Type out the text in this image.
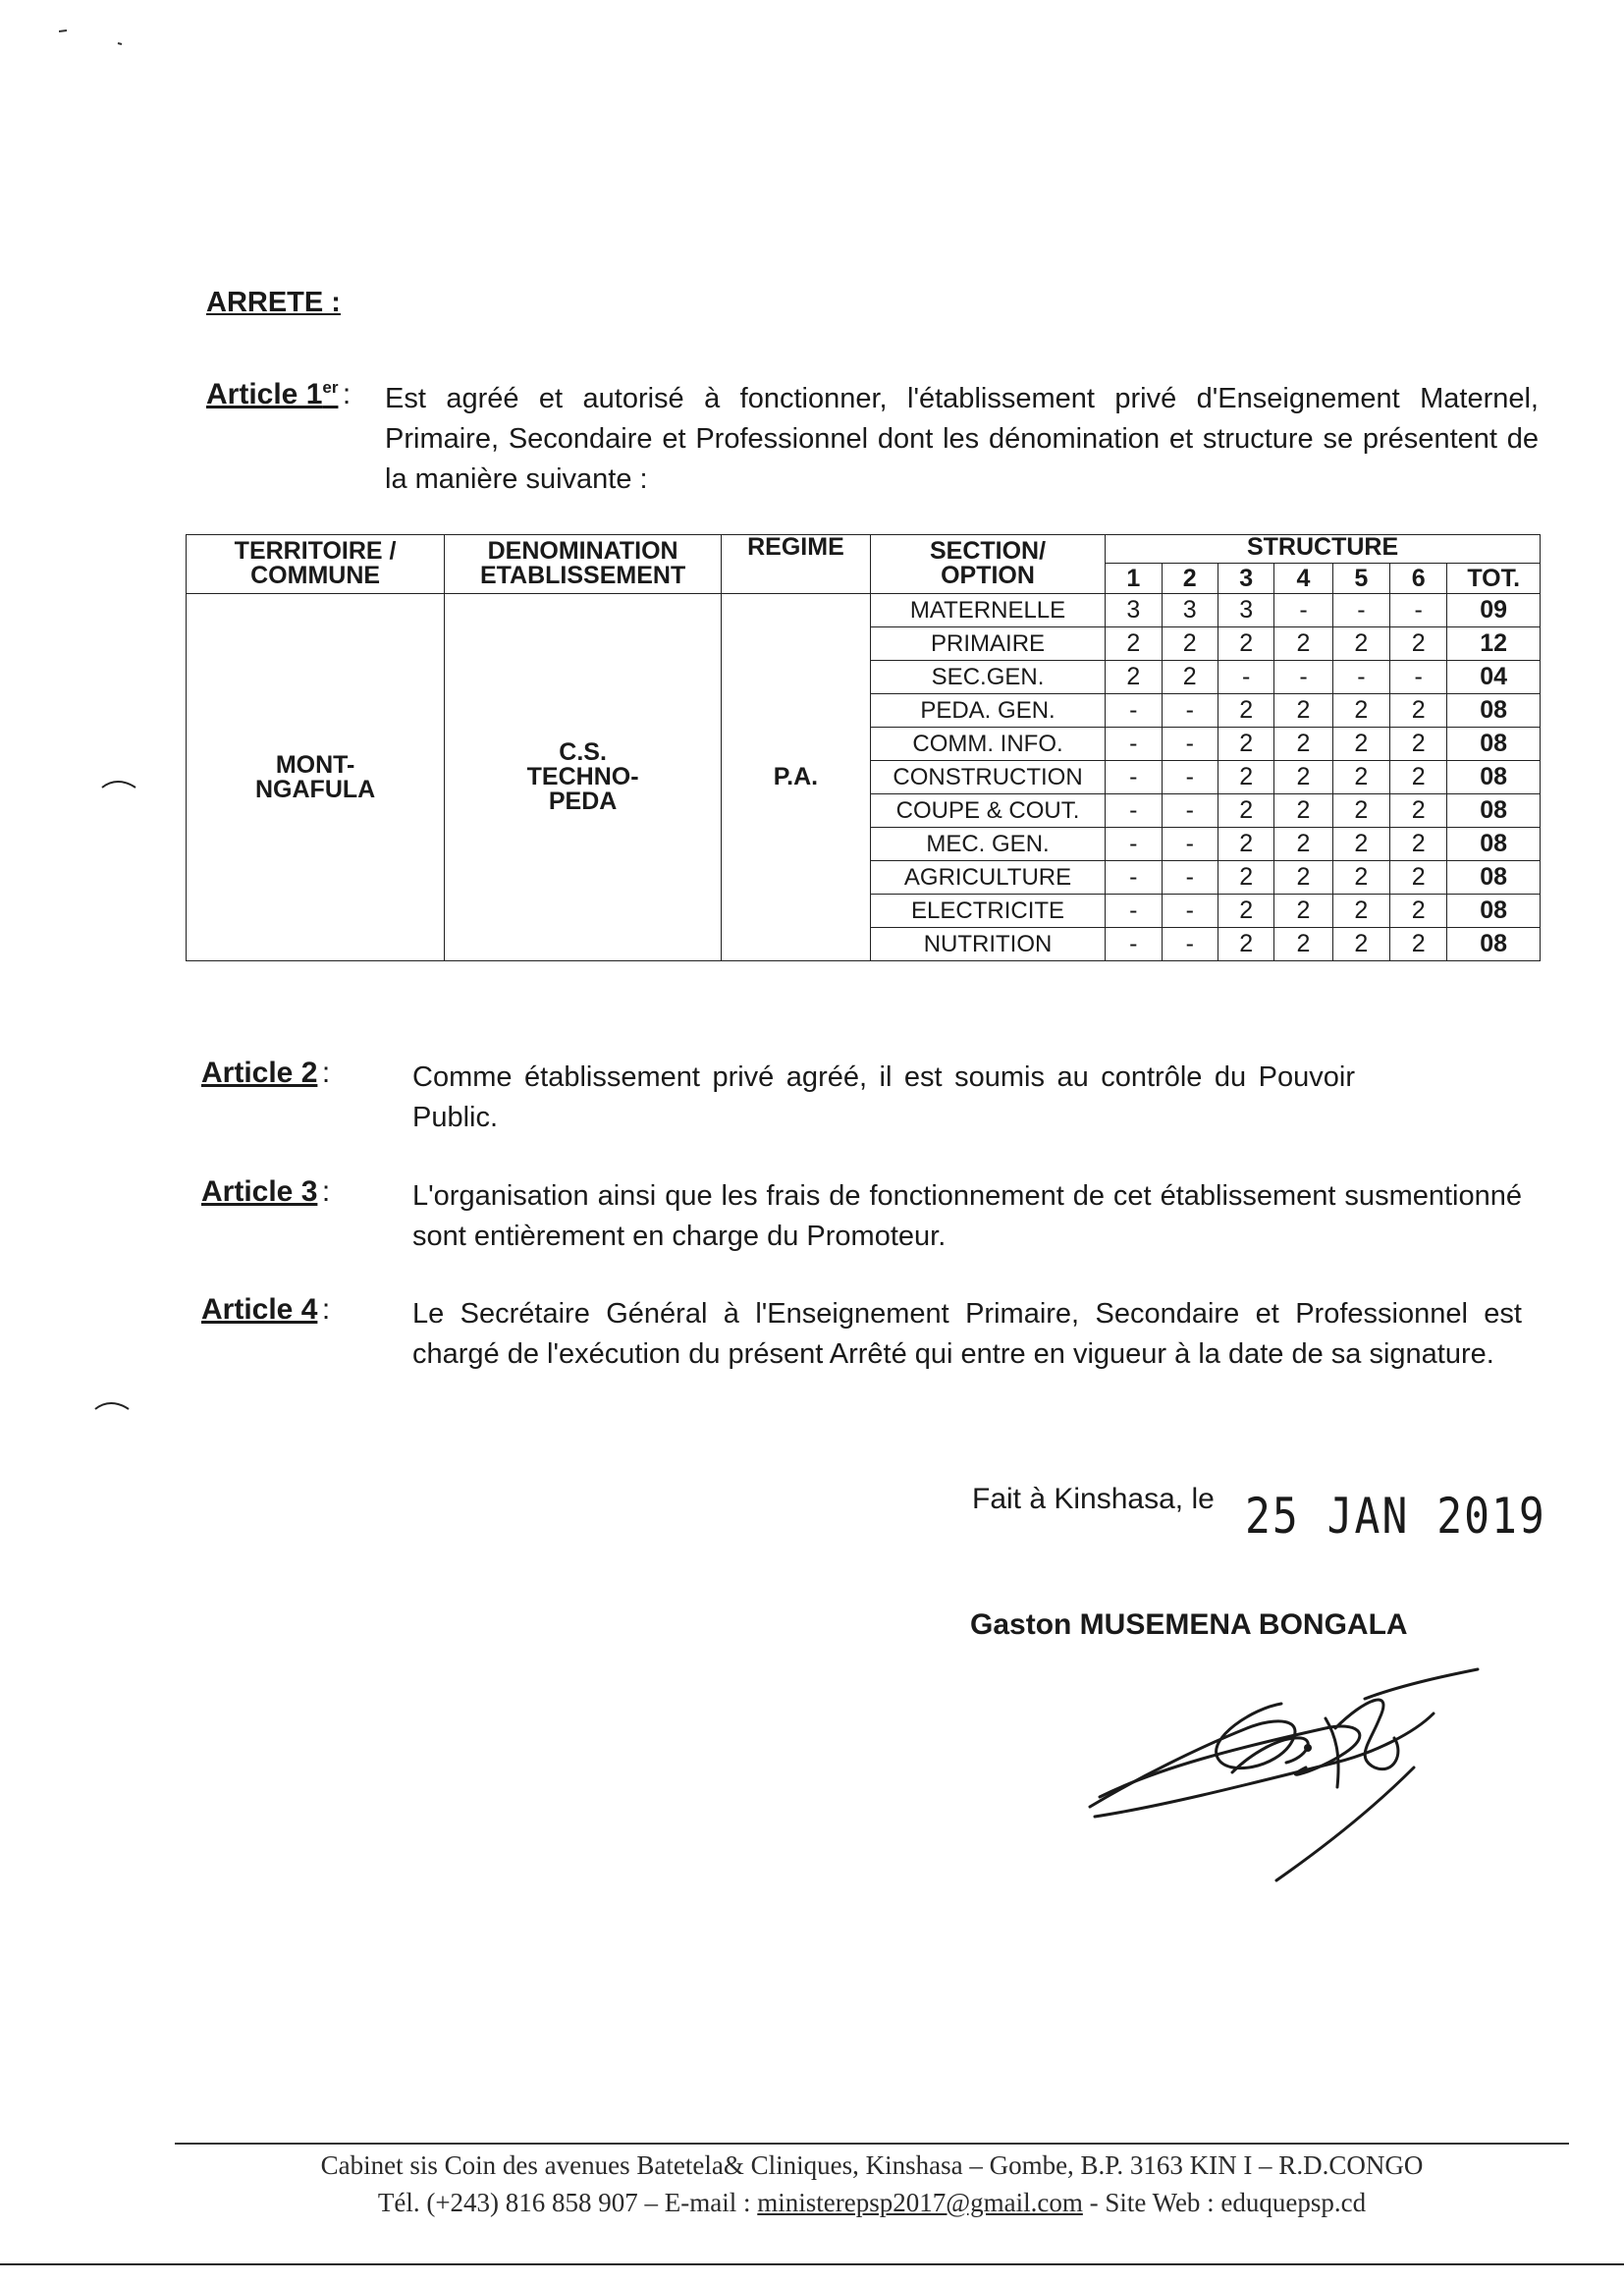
ARRETE :
Article 1er : Est agréé et autorisé à fonctionner, l'établissement privé d'Enseignement Maternel, Primaire, Secondaire et Professionnel dont les dénomination et structure se présentent de la manière suivante :
TERRITOIRE / COMMUNE	DENOMINATION ETABLISSEMENT	REGIME	SECTION/ OPTION	STRUCTURE						
				1	2	3	4	5	6	TOT.
MONT-NGAFULA	C.S. TECHNO-PEDA	P.A.	MATERNELLE	3	3	3	-	-	-	09
			PRIMAIRE	2	2	2	2	2	2	12
			SEC.GEN.	2	2	-	-	-	-	04
			PEDA. GEN.	-	-	2	2	2	2	08
			COMM. INFO.	-	-	2	2	2	2	08
			CONSTRUCTION	-	-	2	2	2	2	08
			COUPE & COUT.	-	-	2	2	2	2	08
			MEC. GEN.	-	-	2	2	2	2	08
			AGRICULTURE	-	-	2	2	2	2	08
			ELECTRICITE	-	-	2	2	2	2	08
			NUTRITION	-	-	2	2	2	2	08
Article 2 :	Comme établissement privé agréé, il est soumis au contrôle du Pouvoir Public.
Article 3 :	L'organisation ainsi que les frais de fonctionnement de cet établissement susmentionné sont entièrement en charge du Promoteur.
Article 4 :	Le Secrétaire Général à l'Enseignement Primaire, Secondaire et Professionnel est chargé de l'exécution du présent Arrêté qui entre en vigueur à la date de sa signature.
Fait à Kinshasa, le 25 JAN 2019
Gaston MUSEMENA BONGALA
Cabinet sis Coin des avenues Batetela& Cliniques, Kinshasa – Gombe, B.P. 3163 KIN I – R.D.CONGO
Tél. (+243) 816 858 907 – E-mail : ministerepsp2017@gmail.com - Site Web : eduquepsp.cd
